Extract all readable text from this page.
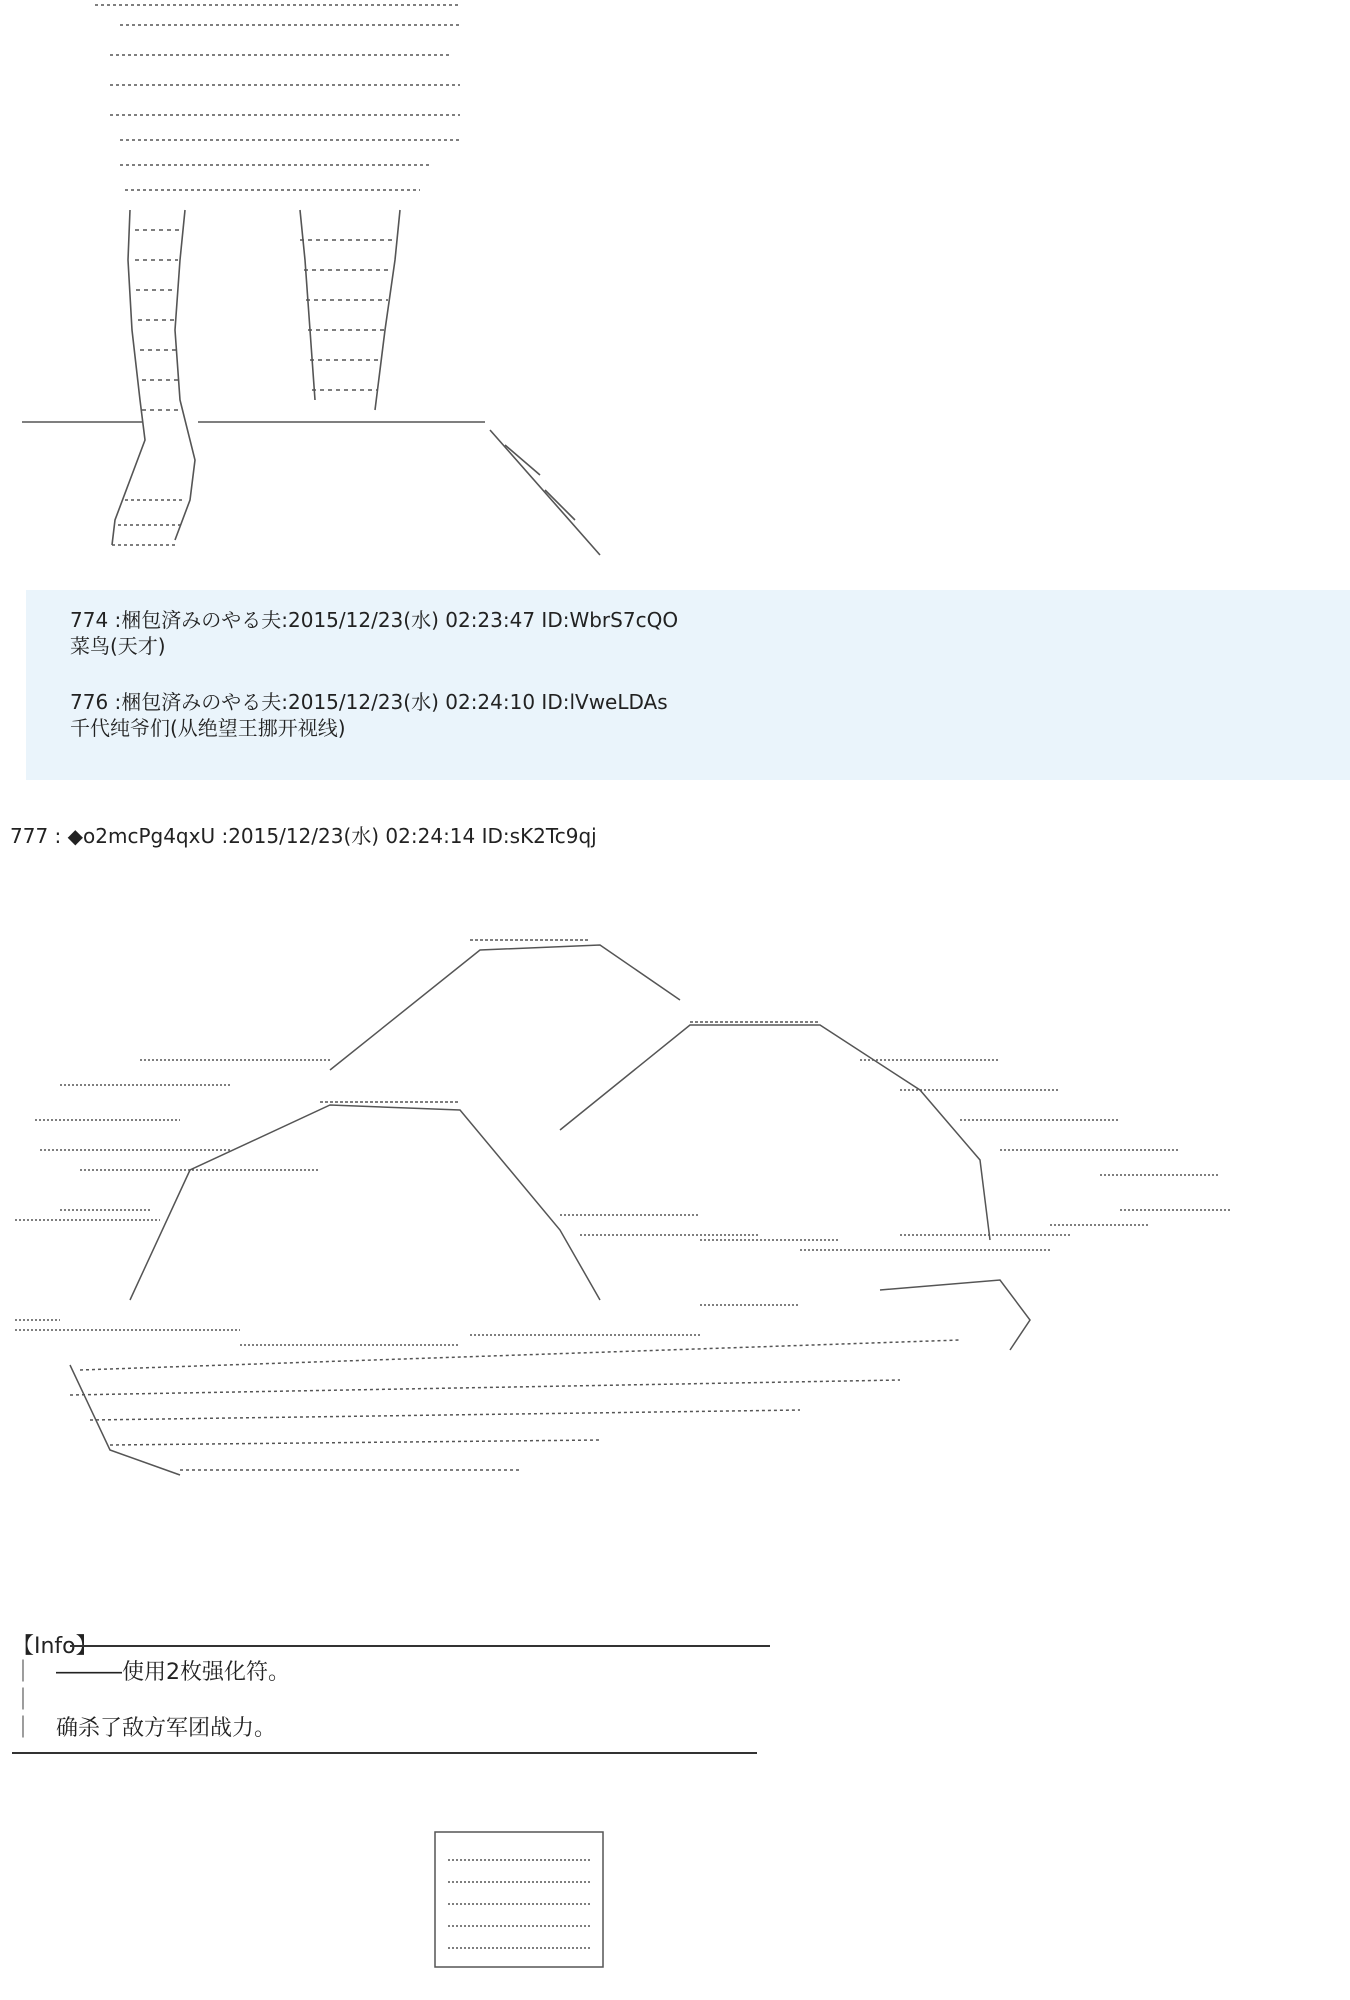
774 :梱包済みのやる夫:2015/12/23(水) 02:23:47 ID:WbrS7cQO
菜鸟(天才)
776 :梱包済みのやる夫:2015/12/23(水) 02:24:10 ID:lVweLDAs
千代纯爷们(从绝望王挪开视线)
777 : ◆o2mcPg4qxU :2015/12/23(水) 02:24:14 ID:sK2Tc9qj
【Info】
｜　―――使用2枚强化符。
｜
｜　确杀了敌方军团战力。
